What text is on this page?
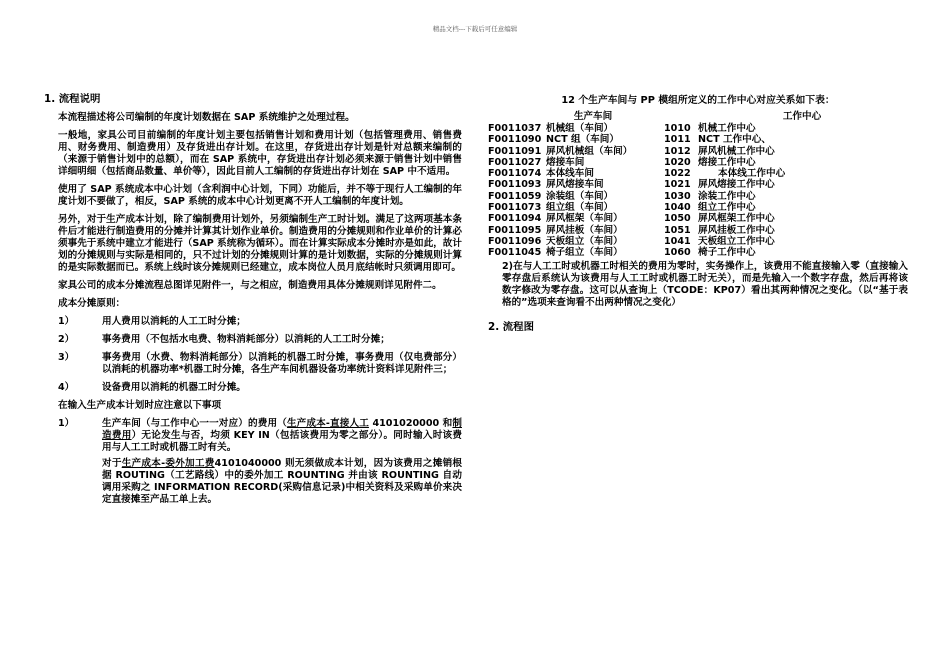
精品文档---下载后可任意编辑
1. 流程说明

本流程描述将公司编制的年度计划数据在 SAP 系统维护之处理过程。

一般地，家具公司目前编制的年度计划主要包括销售计划和费用计划（包括管理费用、销售费用、财务费用、制造费用）及存货进出存计划。在这里，存货进出存计划是针对总额来编制的（来源于销售计划中的总额），而在 SAP 系统中，存货进出存计划必须来源于销售计划中销售详细明细（包括商品数量、单价等），因此目前人工编制的存货进出存计划在 SAP 中不适用。

使用了 SAP 系统成本中心计划（含利润中心计划，下同）功能后，并不等于现行人工编制的年度计划不要做了，相反，SAP 系统的成本中心计划更离不开人工编制的年度计划。

另外，对于生产成本计划，除了编制费用计划外，另须编制生产工时计划。满足了这两项基本条件后才能进行制造费用的分摊并计算其计划作业单价。制造费用的分摊规则和作业单价的计算必须事先于系统中建立才能进行（SAP 系统称为循环）。而在计算实际成本分摊时亦是如此，故计划的分摊规则与实际是相同的，只不过计划的分摊规则计算的是计划数据，实际的分摊规则计算的是实际数据而已。系统上线时该分摊规则已经建立，成本岗位人员月底结帐时只须调用即可。

家具公司的成本分摊流程总图详见附件一，与之相应，制造费用具体分摊规则详见附件二。

成本分摊原则：

1）	用人费用以消耗的人工工时分摊；
2）	事务费用（不包括水电费、物料消耗部分）以消耗的人工工时分摊；
3）	事务费用（水费、物料消耗部分）以消耗的机器工时分摊，事务费用（仅电费部分）以消耗的机器功率*机器工时分摊，各生产车间机器设备功率统计资料详见附件三；
4）	设备费用以消耗的机器工时分摊。

在输入生产成本计划时应注意以下事项

1）	生产车间（与工作中心一一对应）的费用（生产成本-直接人工 4101020000 和制造费用）无论发生与否，均须 KEY IN（包括该费用为零之部分）。同时输入时该费用与人工工时或机器工时有关。
对于生产成本-委外加工费4101040000 则无须做成本计划，因为该费用之摊销根据 ROUTING（工艺路线）中的委外加工 ROUNTING 并由该 ROUNTING 自动调用采购之 INFORMATION RECORD(采购信息记录)中相关资料及采购单价来决定直接摊至产品工单上去。
12 个生产车间与 PP 模组所定义的工作中心对应关系如下表：
生产车间	工作中心
F0011037 机械组（车间）	1010 机械工作中心
F0011090 NCT 组（车间）	1011 NCT 工作中心、
F0011091 屏风机械组（车间）	1012 屏风机械工作中心
F0011027 熔接车间	1020 熔接工作中心
F0011074 本体线车间	1022 本体线工作中心
F0011093 屏风熔接车间	1021 屏风熔接工作中心
F0011059 涂装组（车间）	1030 涂装工作中心
F0011073 组立组（车间）	1040 组立工作中心
F0011094 屏风框架（车间）	1050 屏风框架工作中心
F0011095 屏风挂板（车间）	1051 屏风挂板工作中心
F0011096 天板组立（车间）	1041 天板组立工作中心
F0011045 椅子组立（车间）	1060 椅子工作中心
2)在与人工工时或机器工时相关的费用为零时，实务操作上，该费用不能直接输入零（直接输入零存盘后系统认为该费用与人工工时或机器工时无关），而是先输入一个数字存盘，然后再将该数字修改为零存盘。这可以从查询上（TCODE：KP07）看出其两种情况之变化。（以“基于表格的”选项来查询看不出两种情况之变化）
2. 流程图
